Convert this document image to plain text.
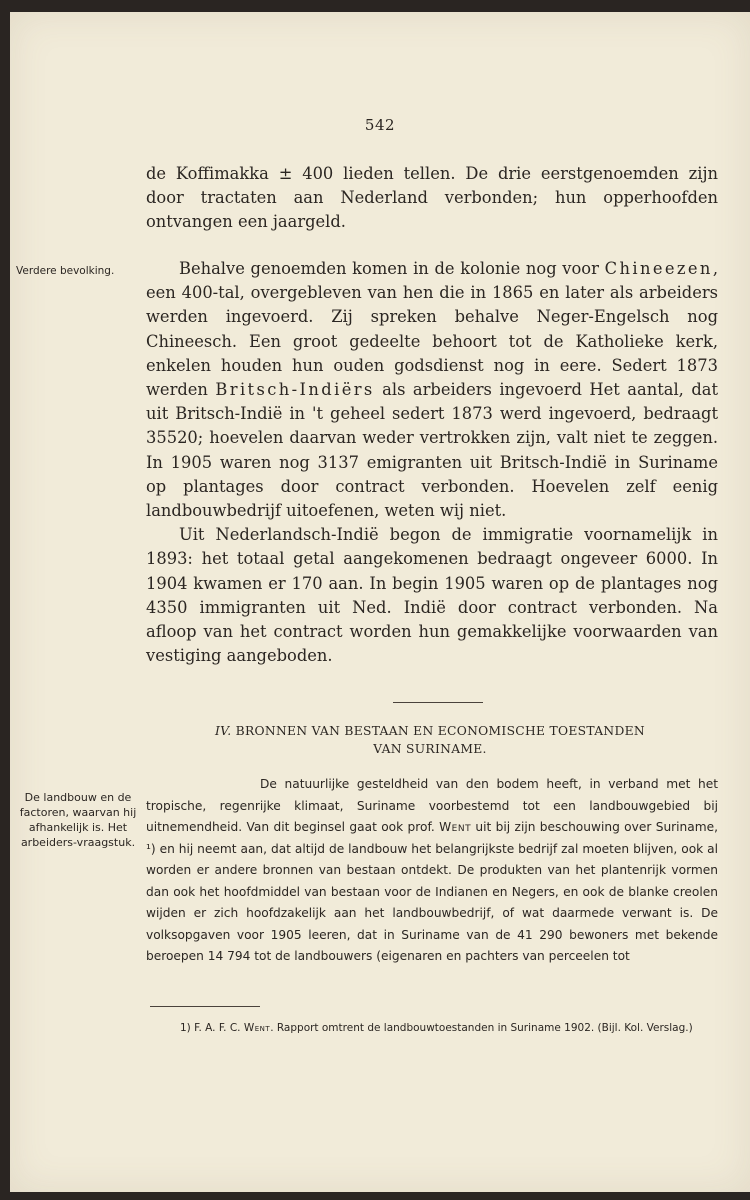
542

de Koffimakka ± 400 lieden tellen. De drie eerstgenoemden zijn door tractaten aan Nederland verbonden; hun opperhoofden ontvangen een jaargeld.

Verdere bevolking.	Behalve genoemden komen in de kolonie nog voor Chineezen, een 400-tal, overgebleven van hen die in 1865 en later als arbeiders werden ingevoerd. Zij spreken behalve Neger-Engelsch nog Chineesch. Een groot gedeelte behoort tot de Katholieke kerk, enkelen houden hun ouden godsdienst nog in eere. Sedert 1873 werden Britsch-Indiërs als arbeiders ingevoerd Het aantal, dat uit Britsch-Indië in 't geheel sedert 1873 werd ingevoerd, bedraagt 35520; hoevelen daarvan weder vertrokken zijn, valt niet te zeggen. In 1905 waren nog 3137 emigranten uit Britsch-Indië in Suriname op plantages door contract verbonden. Hoevelen zelf eenig landbouwbedrijf uitoefenen, weten wij niet.

Uit Nederlandsch-Indië begon de immigratie voornamelijk in 1893: het totaal getal aangekomenen bedraagt ongeveer 6000. In 1904 kwamen er 170 aan. In begin 1905 waren op de plantages nog 4350 immigranten uit Ned. Indië door contract verbonden. Na afloop van het contract worden hun gemakkelijke voorwaarden van vestiging aangeboden.

IV. BRONNEN VAN BESTAAN EN ECONOMISCHE TOESTANDEN
VAN SURINAME.
De landbouw en de factoren, waarvan hij afhankelijk is. Het arbeiders-vraagstuk.

De natuurlijke gesteldheid van den bodem heeft, in verband met het tropische, regenrijke klimaat, Suriname voorbestemd tot een landbouwgebied bij uitnemendheid. Van dit beginsel gaat ook prof. Went uit bij zijn beschouwing over Suriname, ¹) en hij neemt aan, dat altijd de landbouw het belangrijkste bedrijf zal moeten blijven, ook al worden er andere bronnen van bestaan ontdekt. De produkten van het plantenrijk vormen dan ook het hoofdmiddel van bestaan voor de Indianen en Negers, en ook de blanke creolen wijden er zich hoofdzakelijk aan het landbouwbedrijf, of wat daarmede verwant is. De volksopgaven voor 1905 leeren, dat in Suriname van de 41 290 bewoners met bekende beroepen 14 794 tot de landbouwers (eigenaren en pachters van perceelen tot

1) F. A. F. C. Went. Rapport omtrent de landbouwtoestanden in Suriname 1902. (Bijl. Kol. Verslag.)
